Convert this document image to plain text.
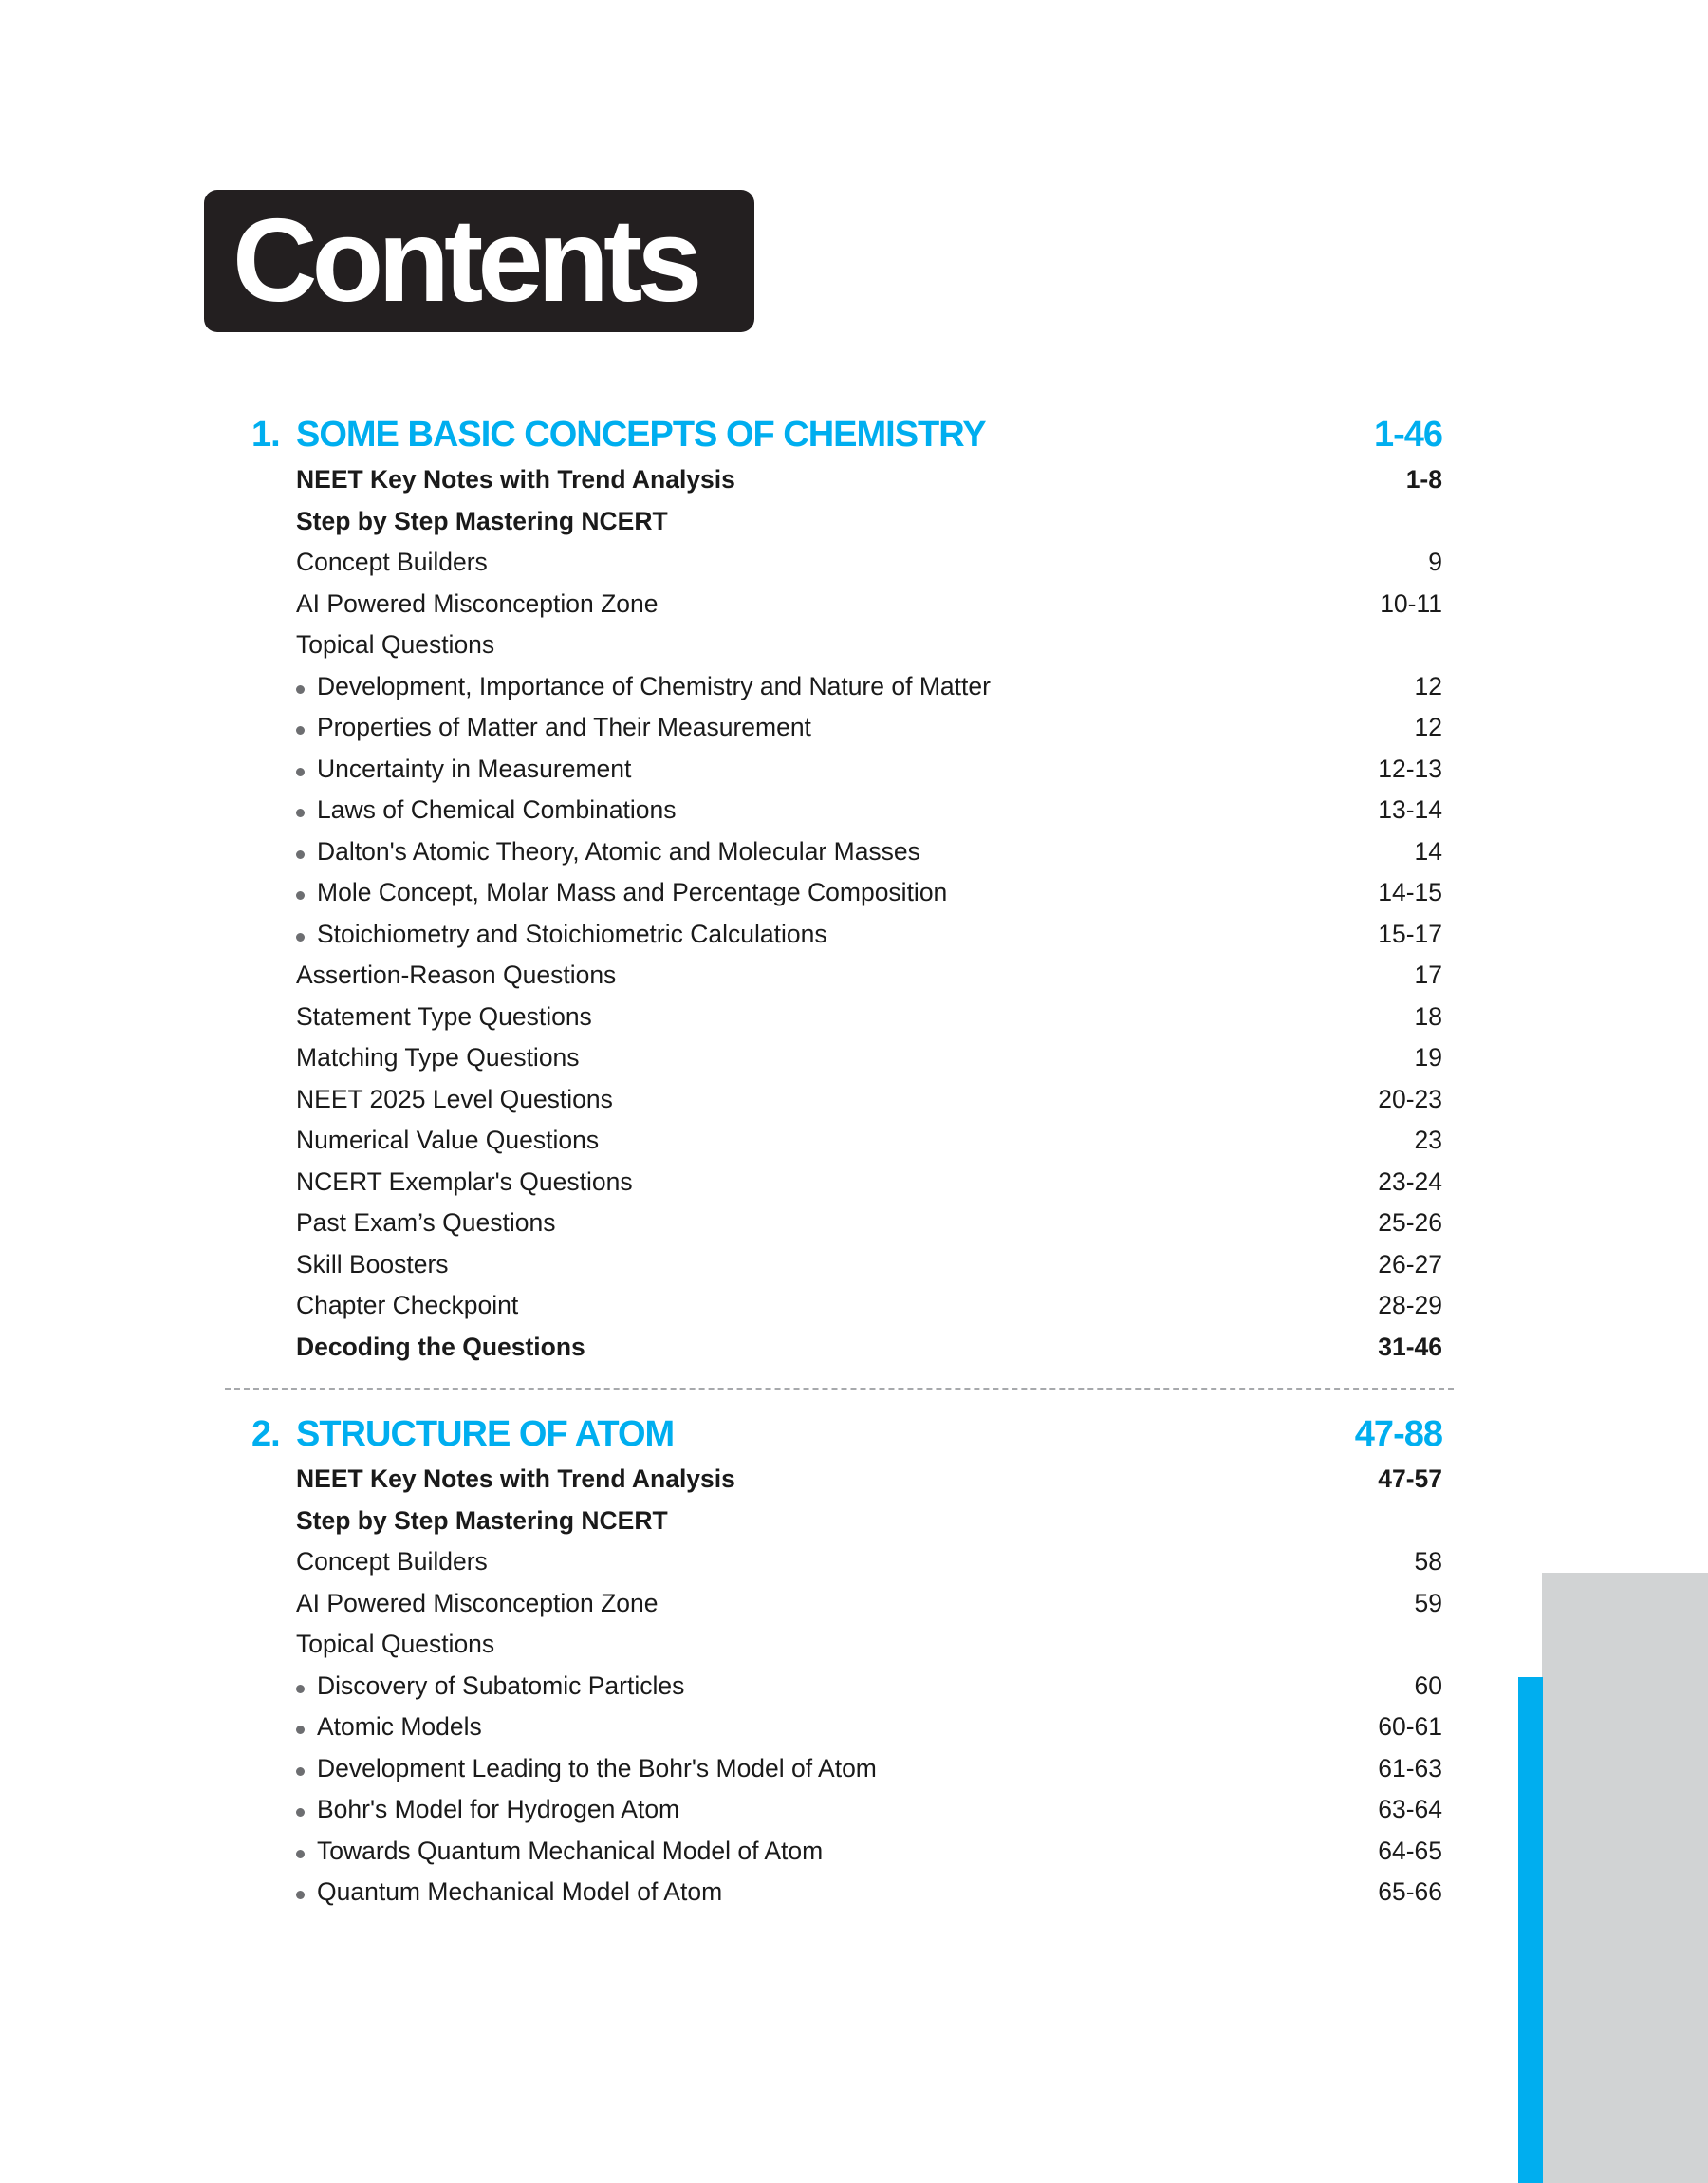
Contents
1. SOME BASIC CONCEPTS OF CHEMISTRY	1-46
NEET Key Notes with Trend Analysis	1-8
Step by Step Mastering NCERT
Concept Builders	9
AI Powered Misconception Zone	10-11
Topical Questions
Development, Importance of Chemistry and Nature of Matter	12
Properties of Matter and Their Measurement	12
Uncertainty in Measurement	12-13
Laws of Chemical Combinations	13-14
Dalton's Atomic Theory, Atomic and Molecular Masses	14
Mole Concept, Molar Mass and Percentage Composition	14-15
Stoichiometry and Stoichiometric Calculations	15-17
Assertion-Reason Questions	17
Statement Type Questions	18
Matching Type Questions	19
NEET 2025 Level Questions	20-23
Numerical Value Questions	23
NCERT Exemplar's Questions	23-24
Past Exam’s Questions	25-26
Skill Boosters	26-27
Chapter Checkpoint	28-29
Decoding the Questions	31-46
2. STRUCTURE OF ATOM	47-88
NEET Key Notes with Trend Analysis	47-57
Step by Step Mastering NCERT
Concept Builders	58
AI Powered Misconception Zone	59
Topical Questions
Discovery of Subatomic Particles	60
Atomic Models	60-61
Development Leading to the Bohr's Model of Atom	61-63
Bohr's Model for Hydrogen Atom	63-64
Towards Quantum Mechanical Model of Atom	64-65
Quantum Mechanical Model of Atom	65-66
